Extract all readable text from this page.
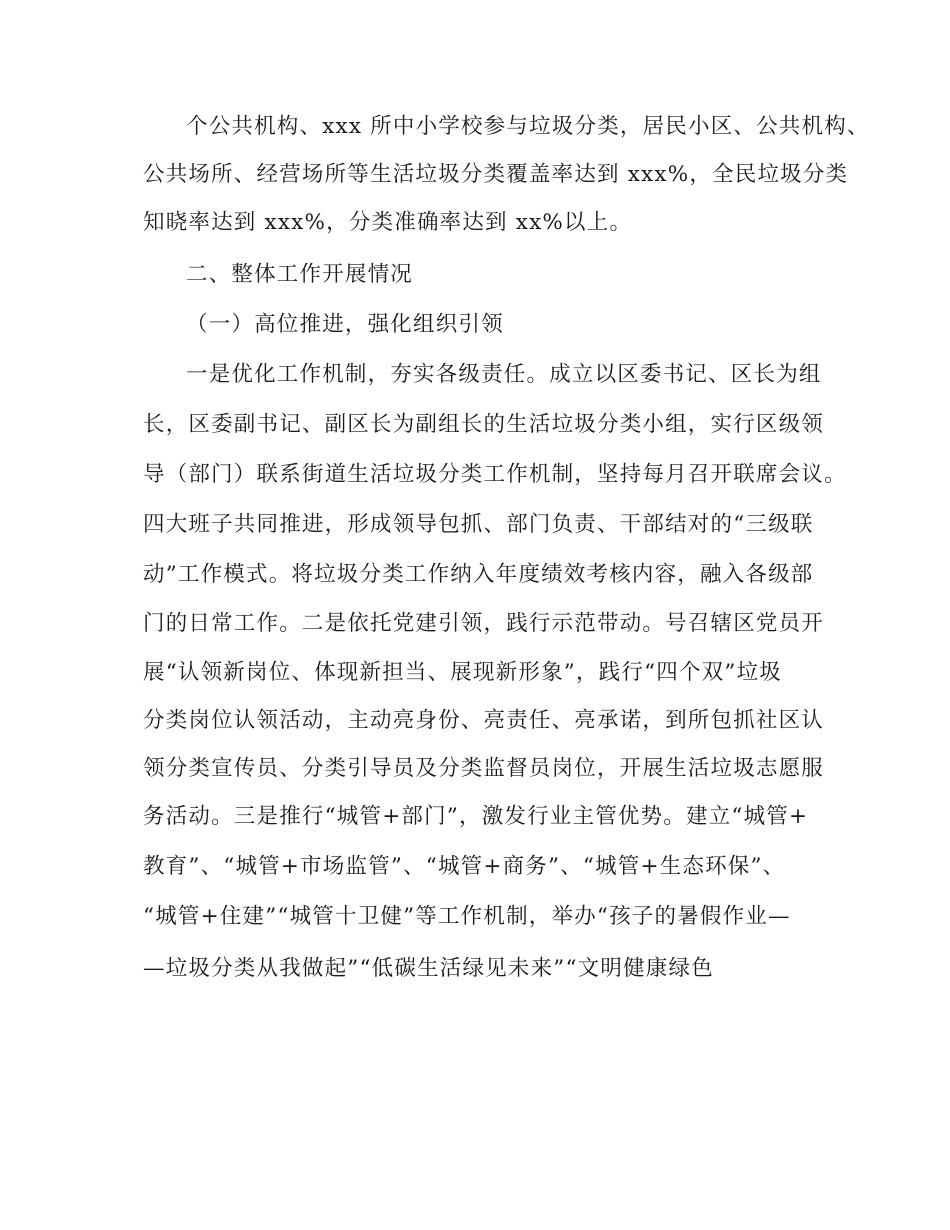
个公共机构、xxx 所中小学校参与垃圾分类，居民小区、公共机构、
公共场所、经营场所等生活垃圾分类覆盖率达到 xxx%，全民垃圾分类
知晓率达到 xxx%，分类准确率达到 xx%以上。
二、整体工作开展情况
（一）高位推进，强化组织引领
一是优化工作机制，夯实各级责任。成立以区委书记、区长为组
长，区委副书记、副区长为副组长的生活垃圾分类小组，实行区级领
导（部门）联系街道生活垃圾分类工作机制，坚持每月召开联席会议。
四大班子共同推进，形成领导包抓、部门负责、干部结对的“三级联
动”工作模式。将垃圾分类工作纳入年度绩效考核内容，融入各级部
门的日常工作。二是依托党建引领，践行示范带动。号召辖区党员开
展“认领新岗位、体现新担当、展现新形象”，践行“四个双”垃圾
分类岗位认领活动，主动亮身份、亮责任、亮承诺，到所包抓社区认
领分类宣传员、分类引导员及分类监督员岗位，开展生活垃圾志愿服
务活动。三是推行“城管+部门”，激发行业主管优势。建立“城管+
教育”、“城管+市场监管”、“城管+商务”、“城管+生态环保”、
“城管+住建”“城管十卫健”等工作机制，举办“孩子的暑假作业—
—垃圾分类从我做起”“低碳生活绿见未来”“文明健康绿色
